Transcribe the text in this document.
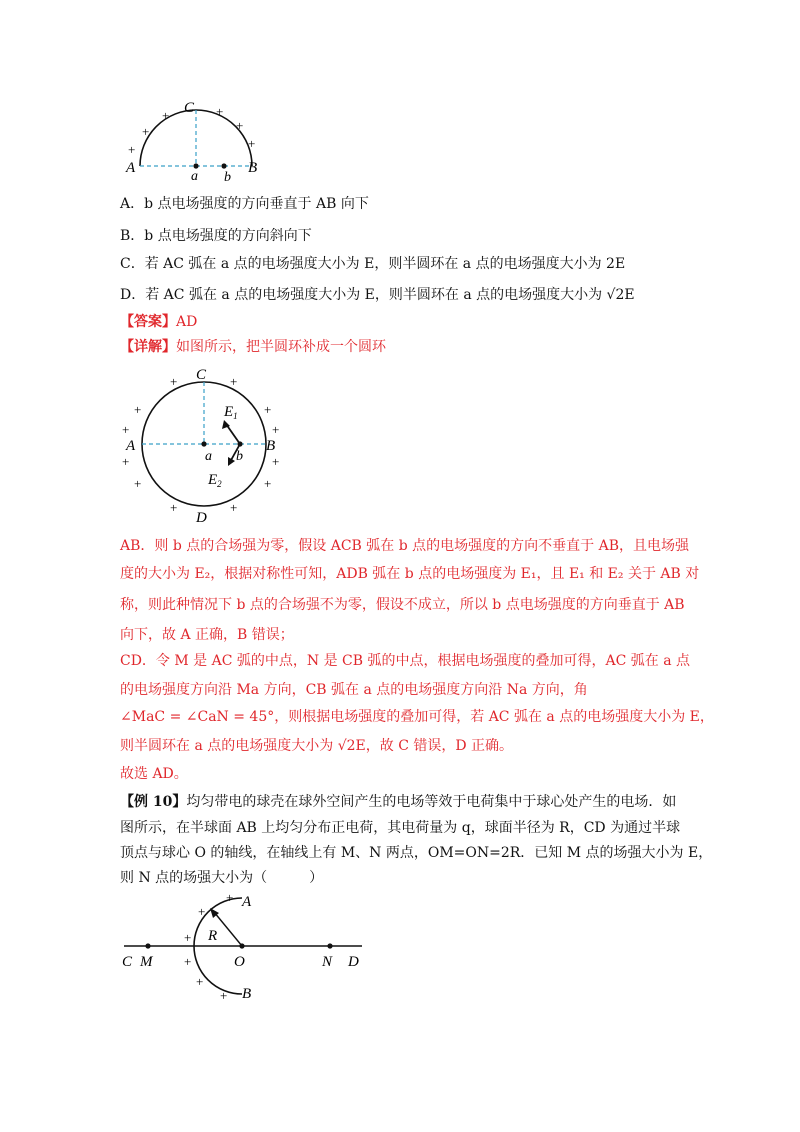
C
A	B
a b
+
+
+
+
+
+
A．b 点电场强度的方向垂直于 AB 向下
B．b 点电场强度的方向斜向下
C．若 AC 弧在 a 点的电场强度大小为 E，则半圆环在 a 点的电场强度大小为 2E
D．若 AC 弧在 a 点的电场强度大小为 E，则半圆环在 a 点的电场强度大小为 √2E
【答案】AD
【详解】如图所示，把半圆环补成一个圆环
C
D
A	B
a b
$E_1$
$E_2$
+	+
+	+
+	+
+	+
+	+
+	+
AB．则 b 点的合场强为零，假设 ACB 弧在 b 点的电场强度的方向不垂直于 AB，且电场强
度的大小为 E₂，根据对称性可知，ADB 弧在 b 点的电场强度为 E₁，且 E₁ 和 E₂ 关于 AB 对
称，则此种情况下 b 点的合场强不为零，假设不成立，所以 b 点电场强度的方向垂直于 AB
向下，故 A 正确，B 错误；
CD．令 M 是 AC 弧的中点，N 是 CB 弧的中点，根据电场强度的叠加可得，AC 弧在 a 点
的电场强度方向沿 Ma 方向，CB 弧在 a 点的电场强度方向沿 Na 方向，角
∠MaC = ∠CaN = 45°，则根据电场强度的叠加可得，若 AC 弧在 a 点的电场强度大小为 E，
则半圆环在 a 点的电场强度大小为 √2E，故 C 错误，D 正确。
故选 AD。
【例 10】均匀带电的球壳在球外空间产生的电场等效于电荷集中于球心处产生的电场．如
图所示，在半球面 AB 上均匀分布正电荷，其电荷量为 q，球面半径为 R，CD 为通过半球
顶点与球心 O 的轴线，在轴线上有 M、N 两点，OM=ON=2R．已知 M 点的场强大小为 E，
则 N 点的场强大小为（　　　）
A
B
R
C M	O	N D
+
+
+
+
+
+
